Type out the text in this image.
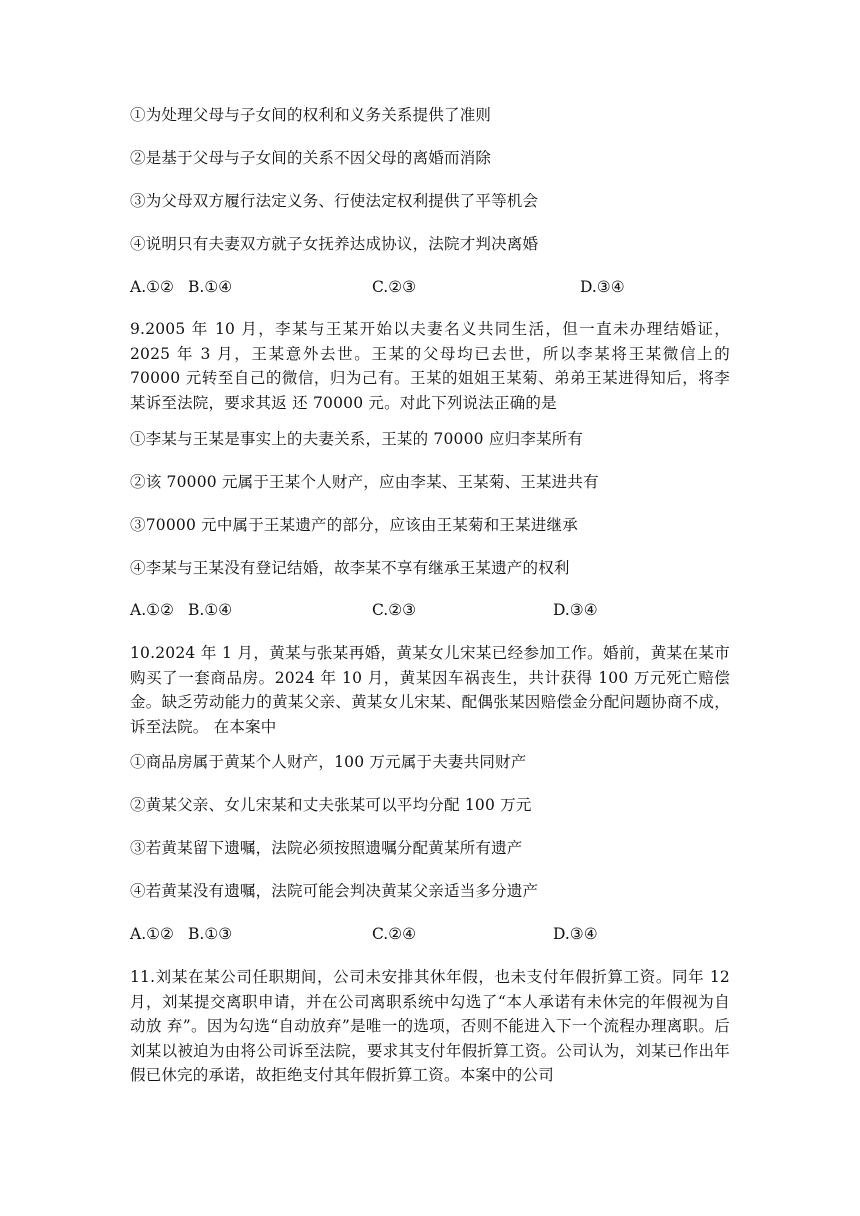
①为处理父母与子女间的权利和义务关系提供了准则
②是基于父母与子女间的关系不因父母的离婚而消除
③为父母双方履行法定义务、行使法定权利提供了平等机会
④说明只有夫妻双方就子女抚养达成协议，法院才判决离婚
A.①② B.①④	C.②③	D.③④
9.2005 年 10 月，李某与王某开始以夫妻名义共同生活，但一直未办理结婚证，2025 年 3 月，王某意外去世。王某的父母均已去世，所以李某将王某微信上的 70000 元转至自己的微信，归为己有。王某的姐姐王某菊、弟弟王某进得知后，将李某诉至法院，要求其返 还 70000 元。对此下列说法正确的是
①李某与王某是事实上的夫妻关系，王某的 70000 应归李某所有
②该 70000 元属于王某个人财产，应由李某、王某菊、王某进共有
③70000 元中属于王某遗产的部分，应该由王某菊和王某进继承
④李某与王某没有登记结婚，故李某不享有继承王某遗产的权利
A.①② B.①④	C.②③	D.③④
10.2024 年 1 月，黄某与张某再婚，黄某女儿宋某已经参加工作。婚前，黄某在某市购买了一套商品房。2024 年 10 月，黄某因车祸丧生，共计获得 100 万元死亡赔偿金。缺乏劳动能力的黄某父亲、黄某女儿宋某、配偶张某因赔偿金分配问题协商不成，诉至法院。 在本案中
①商品房属于黄某个人财产，100 万元属于夫妻共同财产
②黄某父亲、女儿宋某和丈夫张某可以平均分配 100 万元
③若黄某留下遗嘱，法院必须按照遗嘱分配黄某所有遗产
④若黄某没有遗嘱，法院可能会判决黄某父亲适当多分遗产
A.①② B.①③	C.②④	D.③④
11.刘某在某公司任职期间，公司未安排其休年假，也未支付年假折算工资。同年 12 月，刘某提交离职申请，并在公司离职系统中勾选了“本人承诺有未休完的年假视为自动放 弃”。因为勾选“自动放弃”是唯一的选项，否则不能进入下一个流程办理离职。后刘某以被迫为由将公司诉至法院，要求其支付年假折算工资。公司认为，刘某已作出年假已休完的承诺，故拒绝支付其年假折算工资。本案中的公司
